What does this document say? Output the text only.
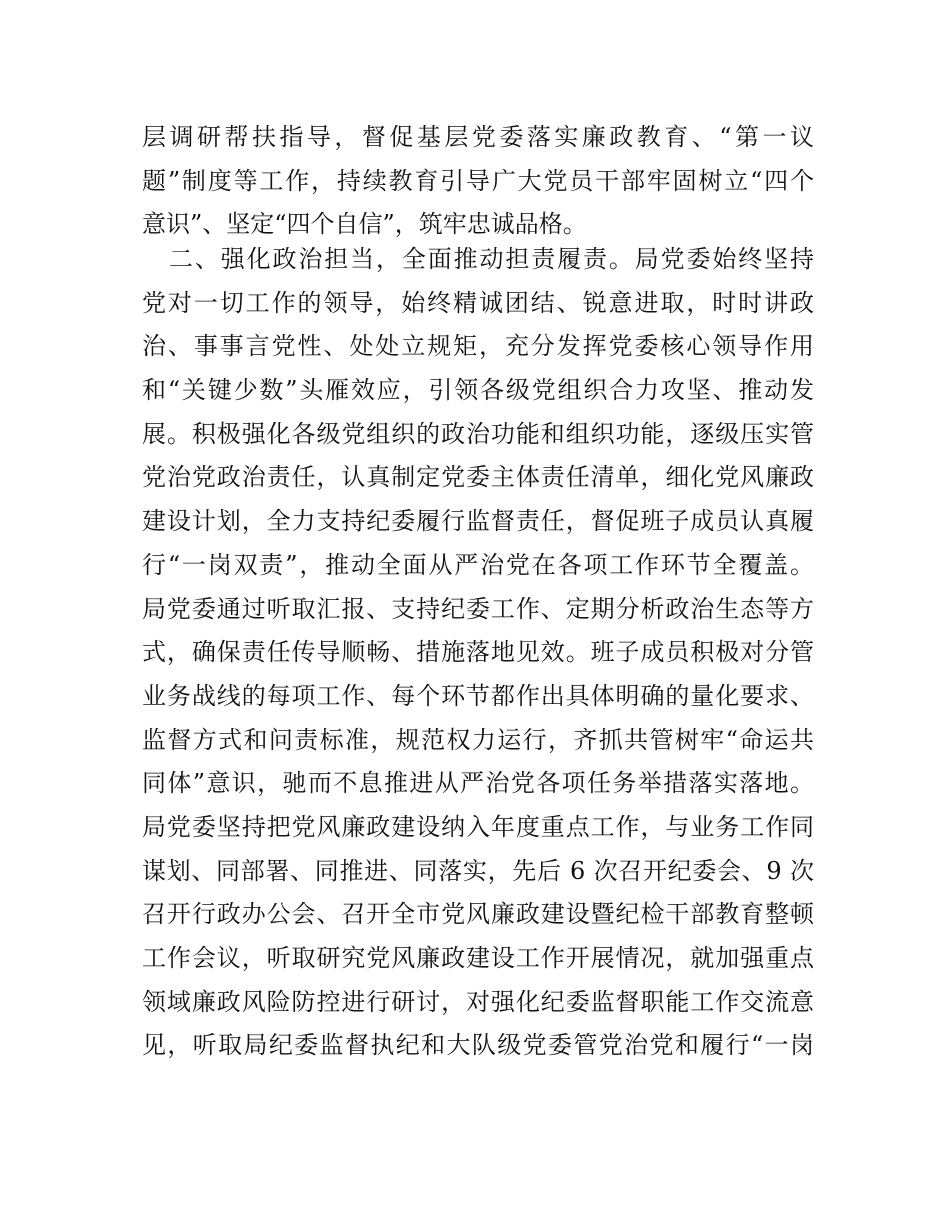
层调研帮扶指导，督促基层党委落实廉政教育、“第一议
题”制度等工作，持续教育引导广大党员干部牢固树立“四个
意识”、坚定“四个自信”，筑牢忠诚品格。
二、强化政治担当，全面推动担责履责。局党委始终坚持
党对一切工作的领导，始终精诚团结、锐意进取，时时讲政
治、事事言党性、处处立规矩，充分发挥党委核心领导作用
和“关键少数”头雁效应，引领各级党组织合力攻坚、推动发
展。积极强化各级党组织的政治功能和组织功能，逐级压实管
党治党政治责任，认真制定党委主体责任清单，细化党风廉政
建设计划，全力支持纪委履行监督责任，督促班子成员认真履
行“一岗双责”，推动全面从严治党在各项工作环节全覆盖。
局党委通过听取汇报、支持纪委工作、定期分析政治生态等方
式，确保责任传导顺畅、措施落地见效。班子成员积极对分管
业务战线的每项工作、每个环节都作出具体明确的量化要求、
监督方式和问责标准，规范权力运行，齐抓共管树牢“命运共
同体”意识，驰而不息推进从严治党各项任务举措落实落地。
局党委坚持把党风廉政建设纳入年度重点工作，与业务工作同
谋划、同部署、同推进、同落实，先后 6 次召开纪委会、9 次
召开行政办公会、召开全市党风廉政建设暨纪检干部教育整顿
工作会议，听取研究党风廉政建设工作开展情况，就加强重点
领域廉政风险防控进行研讨，对强化纪委监督职能工作交流意
见，听取局纪委监督执纪和大队级党委管党治党和履行“一岗
